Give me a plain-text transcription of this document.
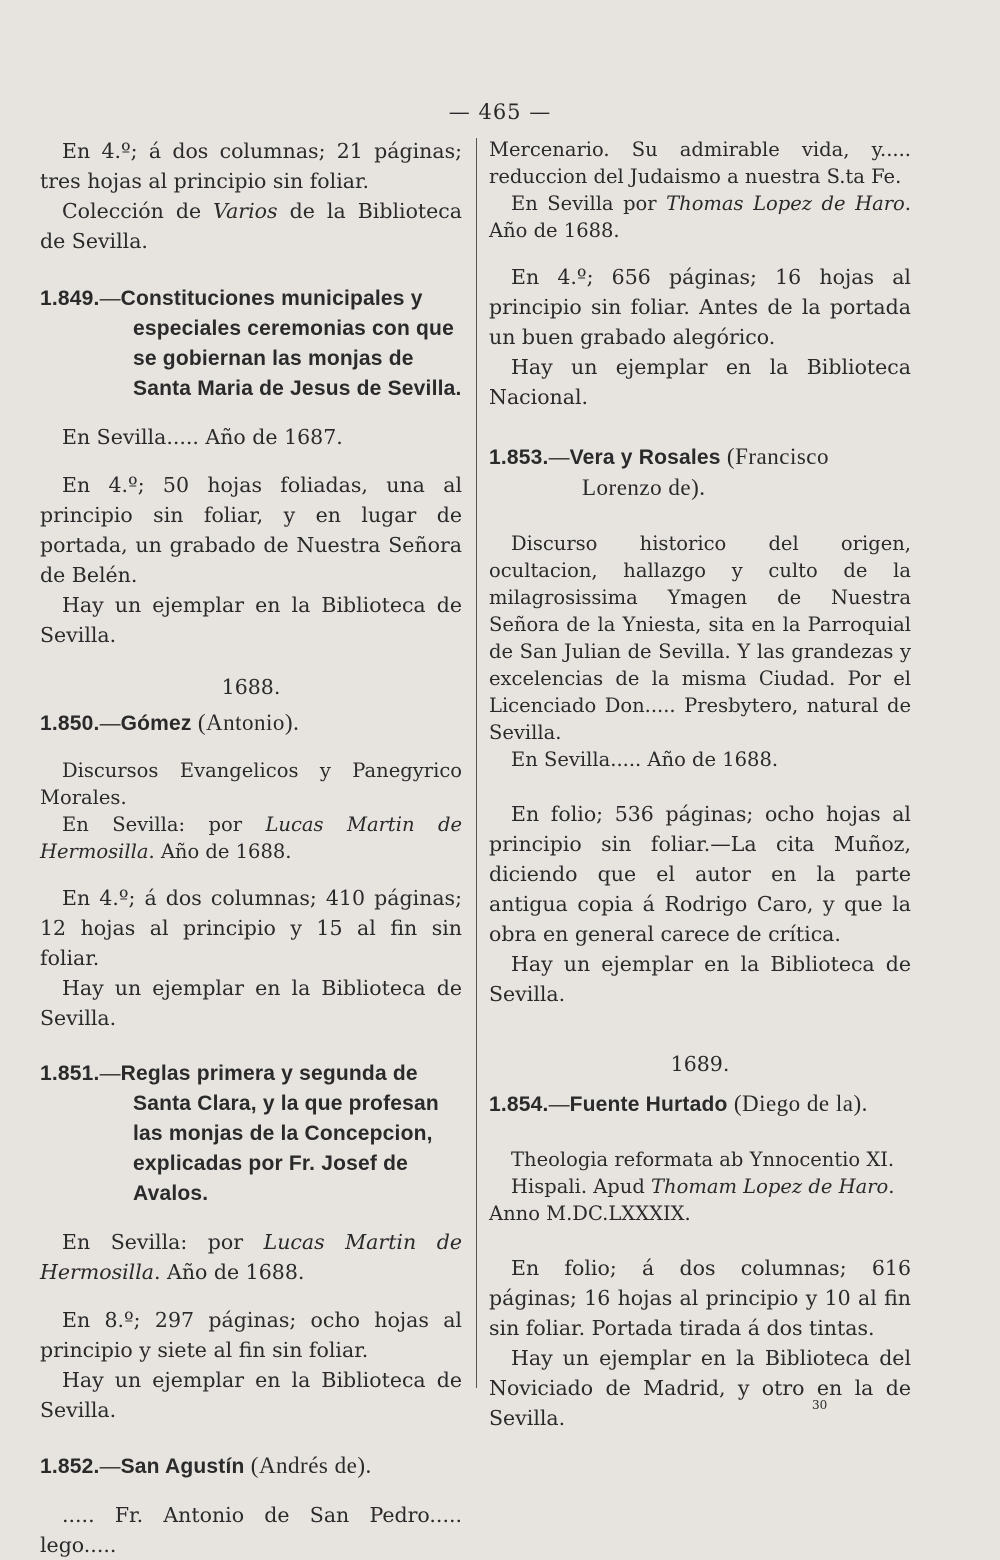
— 465 —

En 4.º; á dos columnas; 21 páginas; tres hojas al principio sin foliar.

Colección de Varios de la Biblioteca de Sevilla.

1.849.—Constituciones municipales y especiales ceremonias con que se gobiernan las monjas de Santa Maria de Jesus de Sevilla.

En Sevilla..... Año de 1687.

En 4.º; 50 hojas foliadas, una al principio sin foliar, y en lugar de portada, un grabado de Nuestra Señora de Belén.

Hay un ejemplar en la Biblioteca de Sevilla.

1688.

1.850.—Gómez (Antonio).

Discursos Evangelicos y Panegyrico Morales.

En Sevilla: por Lucas Martin de Hermosilla. Año de 1688.

En 4.º; á dos columnas; 410 páginas; 12 hojas al principio y 15 al fin sin foliar.

Hay un ejemplar en la Biblioteca de Sevilla.

1.851.—Reglas primera y segunda de Santa Clara, y la que profesan las monjas de la Concepcion, explicadas por Fr. Josef de Avalos.

En Sevilla: por Lucas Martin de Hermosilla. Año de 1688.

En 8.º; 297 páginas; ocho hojas al principio y siete al fin sin foliar.

Hay un ejemplar en la Biblioteca de Sevilla.

1.852.—San Agustín (Andrés de).

..... Fr. Antonio de San Pedro..... lego.....

Mercenario. Su admirable vida, y..... reduccion del Judaismo a nuestra S.ta Fe.

En Sevilla por Thomas Lopez de Haro. Año de 1688.

En 4.º; 656 páginas; 16 hojas al principio sin foliar. Antes de la portada un buen grabado alegórico.

Hay un ejemplar en la Biblioteca Nacional.

1.853.—Vera y Rosales (Francisco Lorenzo de).

Discurso historico del origen, ocultacion, hallazgo y culto de la milagrosissima Ymagen de Nuestra Señora de la Yniesta, sita en la Parroquial de San Julian de Sevilla. Y las grandezas y excelencias de la misma Ciudad. Por el Licenciado Don..... Presbytero, natural de Sevilla.

En Sevilla..... Año de 1688.

En folio; 536 páginas; ocho hojas al principio sin foliar.—La cita Muñoz, diciendo que el autor en la parte antigua copia á Rodrigo Caro, y que la obra en general carece de crítica.

Hay un ejemplar en la Biblioteca de Sevilla.

1689.

1.854.—Fuente Hurtado (Diego de la).

Theologia reformata ab Ynnocentio XI.

Hispali. Apud Thomam Lopez de Haro.
Anno M.DC.LXXXIX.

En folio; á dos columnas; 616 páginas; 16 hojas al principio y 10 al fin sin foliar. Portada tirada á dos tintas.

Hay un ejemplar en la Biblioteca del Noviciado de Madrid, y otro en la de Sevilla.

30
